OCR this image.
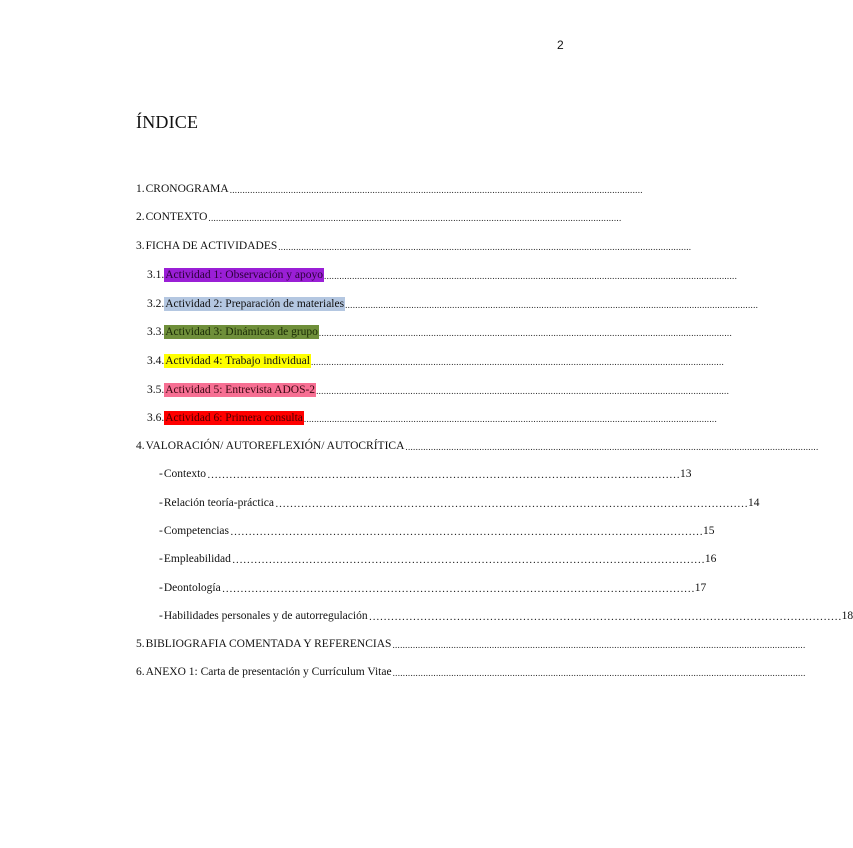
2
ÍNDICE
1. CRONOGRAMA ..................................................................................................................................................................
2. CONTEXTO ..................................................................................................................................................................
3. FICHA DE ACTIVIDADES ..................................................................................................................................................................
3.1. Actividad 1: Observación y apoyo ..................................................................................................................................................................
3.2. Actividad 2: Preparación de materiales ..................................................................................................................................................................
3.3. Actividad 3: Dinámicas de grupo ..................................................................................................................................................................
3.4. Actividad 4: Trabajo individual ..................................................................................................................................................................
3.5. Actividad 5: Entrevista ADOS-2 ..................................................................................................................................................................
3.6. Actividad 6: Primera consulta ..................................................................................................................................................................
4. VALORACIÓN/ AUTOREFLEXIÓN/ AUTOCRÍTICA ..................................................................................................................................................................
- Contexto ………………………………………………………………………………………………………………… 13
- Relación teoría-práctica ………………………………………………………………………………………………………………… 14
- Competencias ………………………………………………………………………………………………………………… 15
- Empleabilidad ………………………………………………………………………………………………………………… 16
- Deontología ………………………………………………………………………………………………………………… 17
- Habilidades personales y de autorregulación ………………………………………………………………………………………………………………… 18
5. BIBLIOGRAFIA COMENTADA Y REFERENCIAS ..................................................................................................................................................................
6. ANEXO 1: Carta de presentación y Currículum Vitae ..................................................................................................................................................................
